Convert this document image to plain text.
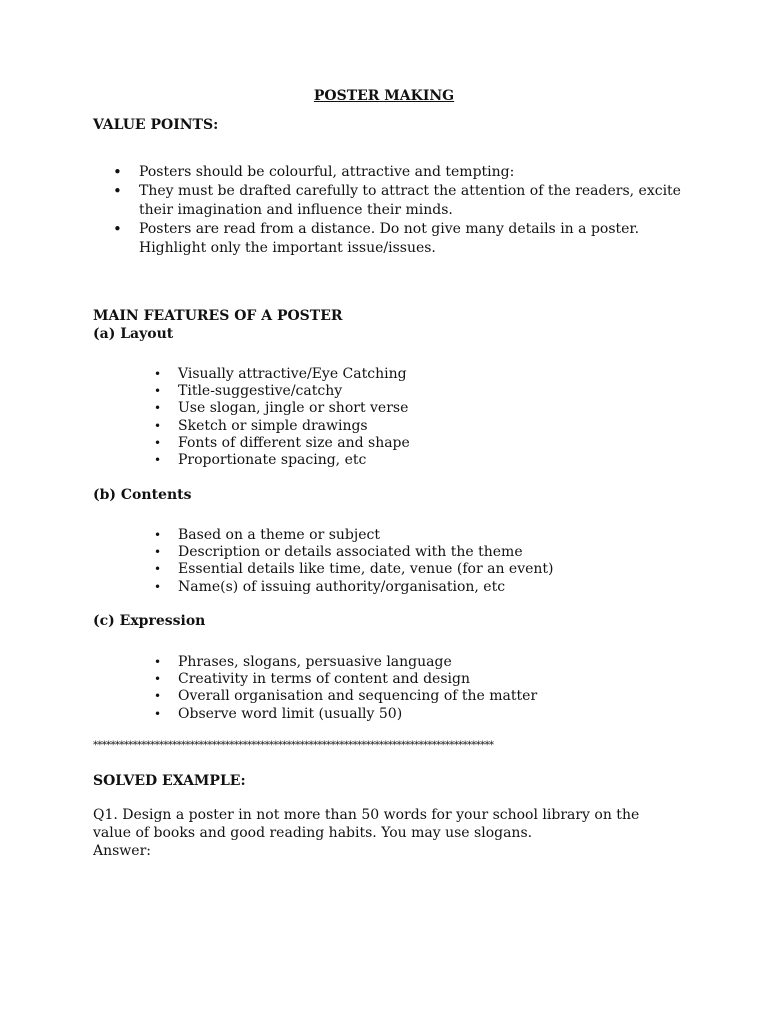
POSTER MAKING
VALUE POINTS:
• Posters should be colourful, attractive and tempting:
• They must be drafted carefully to attract the attention of the readers, excite their imagination and influence their minds.
• Posters are read from a distance. Do not give many details in a poster. Highlight only the important issue/issues.
MAIN FEATURES OF A POSTER
(a) Layout
• Visually attractive/Eye Catching
• Title-suggestive/catchy
• Use slogan, jingle or short verse
• Sketch or simple drawings
• Fonts of different size and shape
• Proportionate spacing, etc
(b) Contents
• Based on a theme or subject
• Description or details associated with the theme
• Essential details like time, date, venue (for an event)
• Name(s) of issuing authority/organisation, etc
(c) Expression
• Phrases, slogans, persuasive language
• Creativity in terms of content and design
• Overall organisation and sequencing of the matter
• Observe word limit (usually 50)
*******************************************************************************************
SOLVED EXAMPLE:
Q1. Design a poster in not more than 50 words for your school library on the value of books and good reading habits. You may use slogans.
Answer:
